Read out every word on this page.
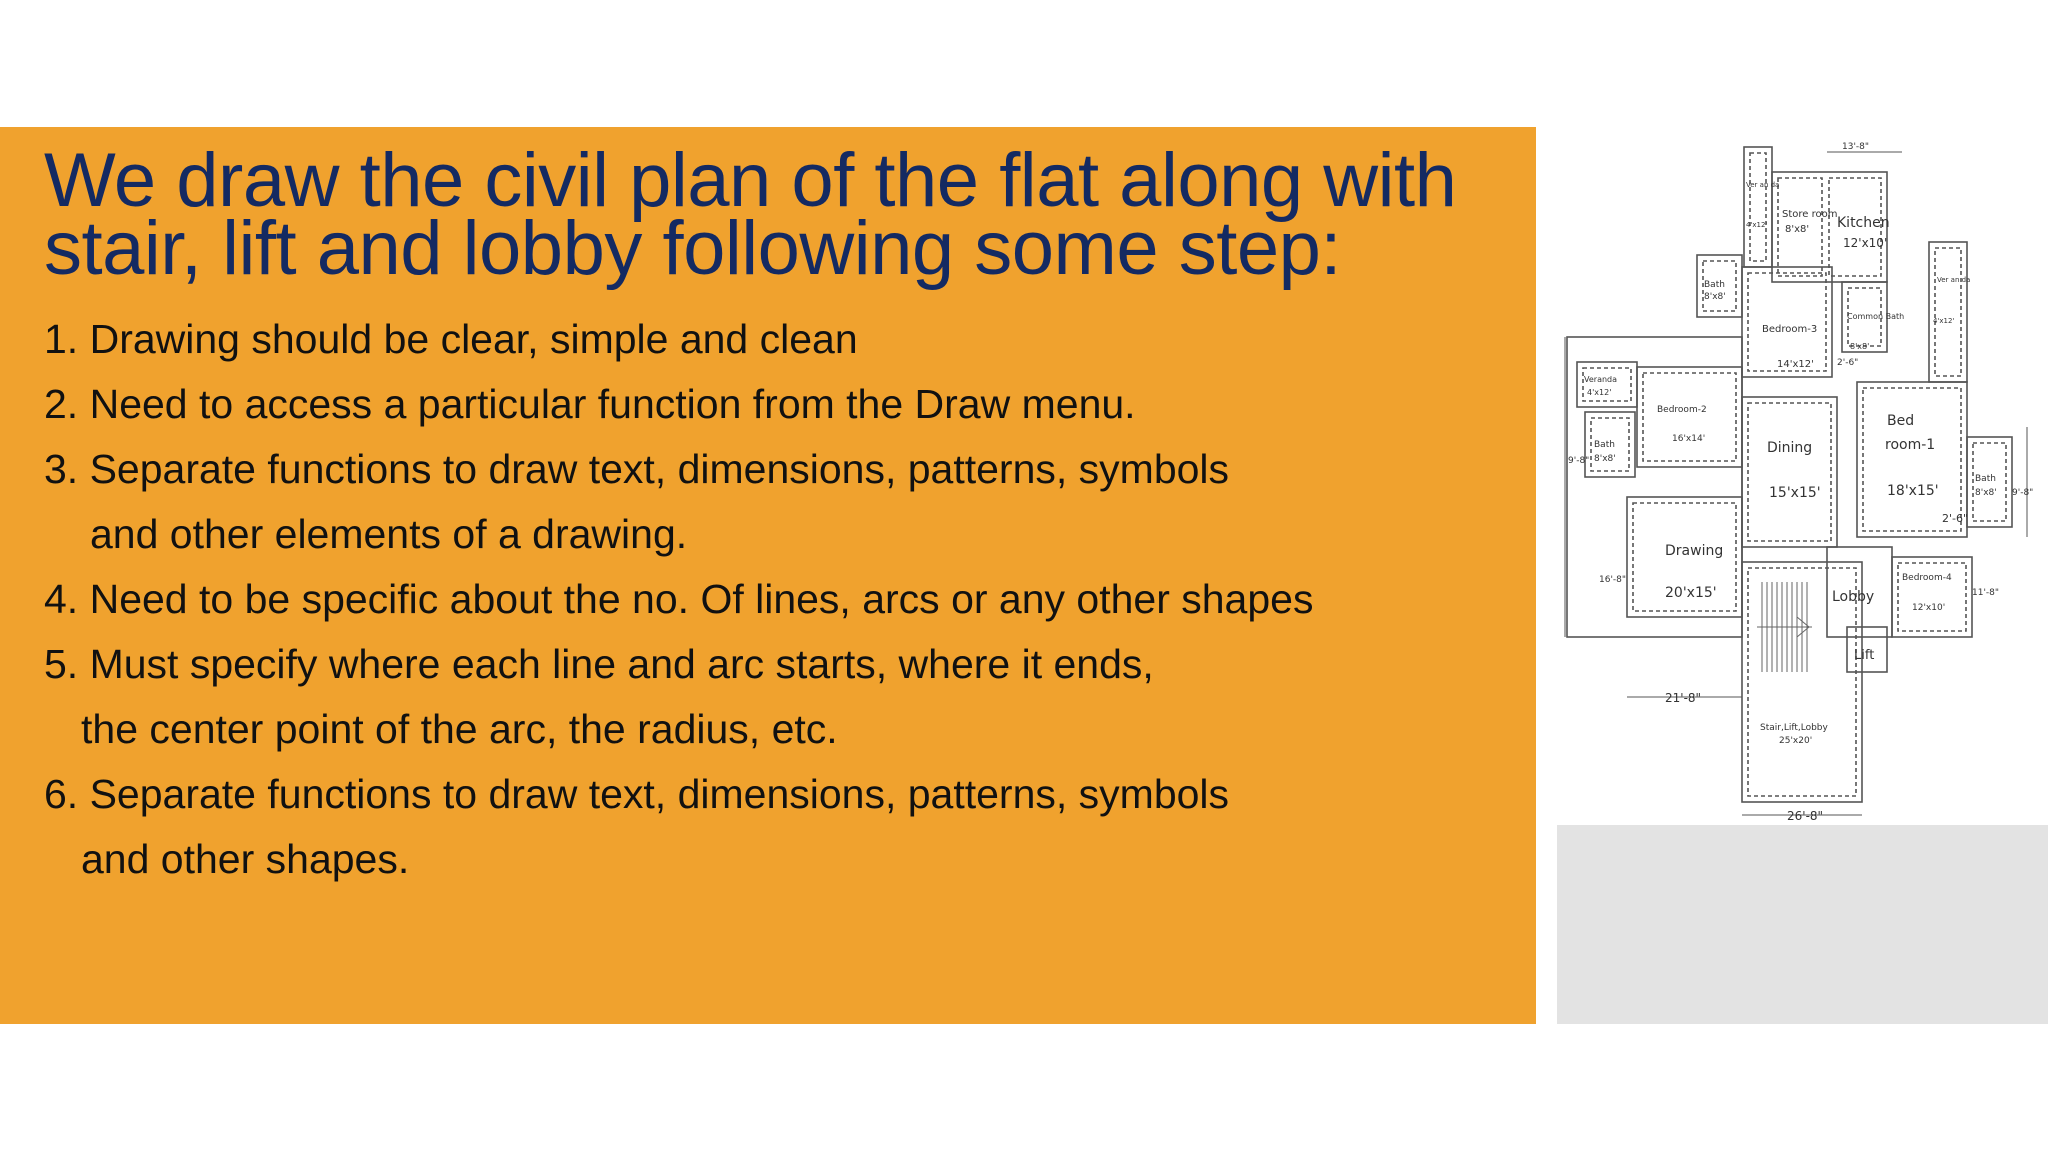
We draw the civil plan of the flat along with
stair, lift and lobby following some step:
1. Drawing should be clear, simple and clean
2. Need to access a particular function from the Draw menu.
3. Separate functions to draw text, dimensions, patterns, symbols
and other elements of a drawing.
4. Need to be specific about the no. Of lines, arcs or any other shapes
5. Must specify where each line and arc starts, where it ends,
the center point of the arc, the radius, etc.
6. Separate functions to draw text, dimensions, patterns, symbols
and other shapes.
Kitchen
12'x10'
Store room
8'x8'
Ver an da
4'x12'
Bath
8'x8'
Bedroom-3
14'x12'
Common Bath
8'x8'
Ver an da
4'x12'
Veranda
4'x12'
Bedroom-2
16'x14'
Dining
15'x15'
Bed
room-1
18'x15'
Bath
8'x8'
Bath
8'x8'
Drawing
20'x15'	Lobby
Lift
Bedroom-4
12'x10'
Stair,Lift,Lobby
25'x20'
13'-8"
21'-8"
26'-8"
9'-8"
16'-8"
9'-8"
11'-8"
2'-6"
2'-6"
